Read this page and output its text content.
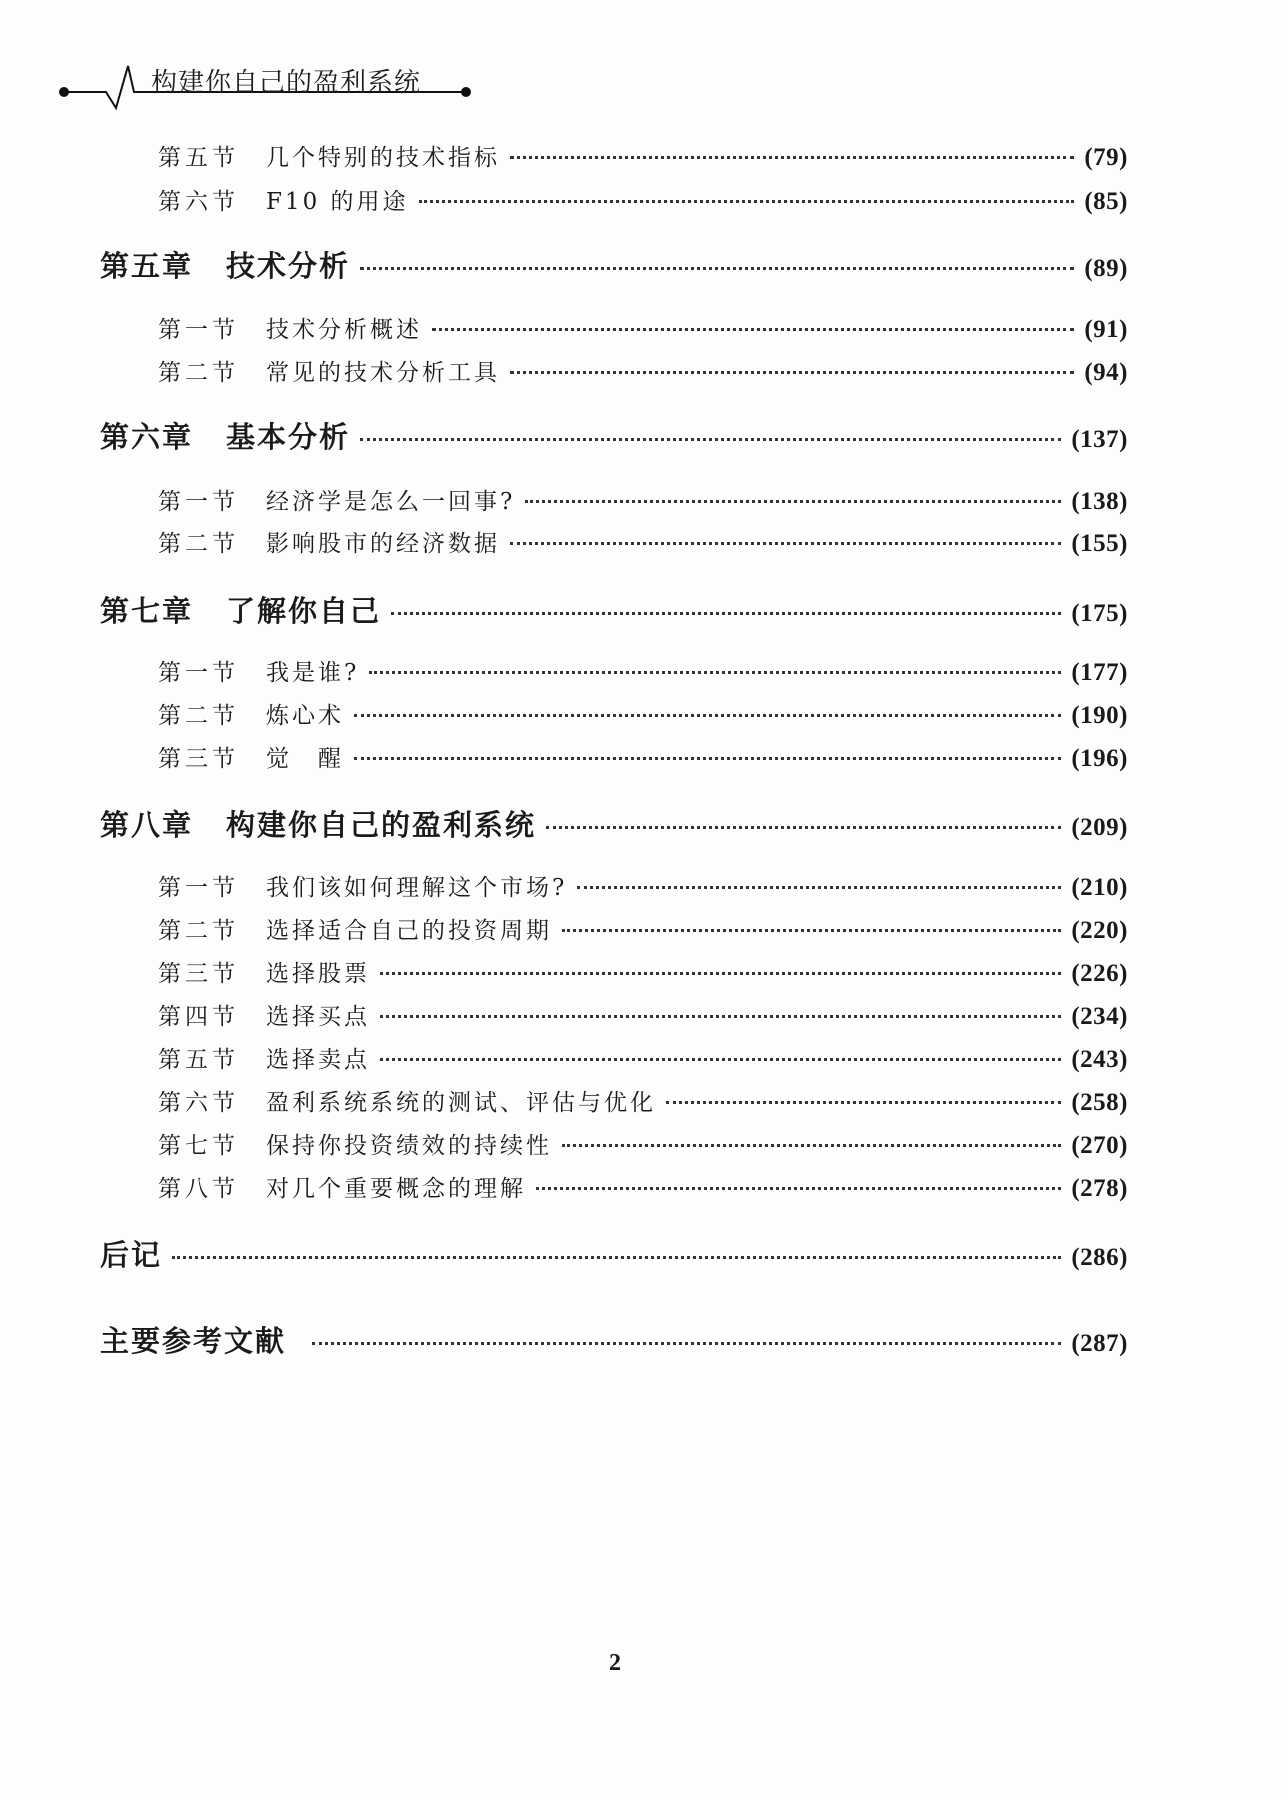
构建你自己的盈利系统
第五节	几个特别的技术指标	(79)
第六节	F10 的用途	(85)
第五章	技术分析	(89)
第一节	技术分析概述	(91)
第二节	常见的技术分析工具	(94)
第六章	基本分析	(137)
第一节	经济学是怎么一回事?	(138)
第二节	影响股市的经济数据	(155)
第七章	了解你自己	(175)
第一节	我是谁?	(177)
第二节	炼心术	(190)
第三节	觉　醒	(196)
第八章	构建你自己的盈利系统	(209)
第一节	我们该如何理解这个市场?	(210)
第二节	选择适合自己的投资周期	(220)
第三节	选择股票	(226)
第四节	选择买点	(234)
第五节	选择卖点	(243)
第六节	盈利系统系统的测试、评估与优化	(258)
第七节	保持你投资绩效的持续性	(270)
第八节	对几个重要概念的理解	(278)
后记	(286)
主要参考文献	(287)
2
